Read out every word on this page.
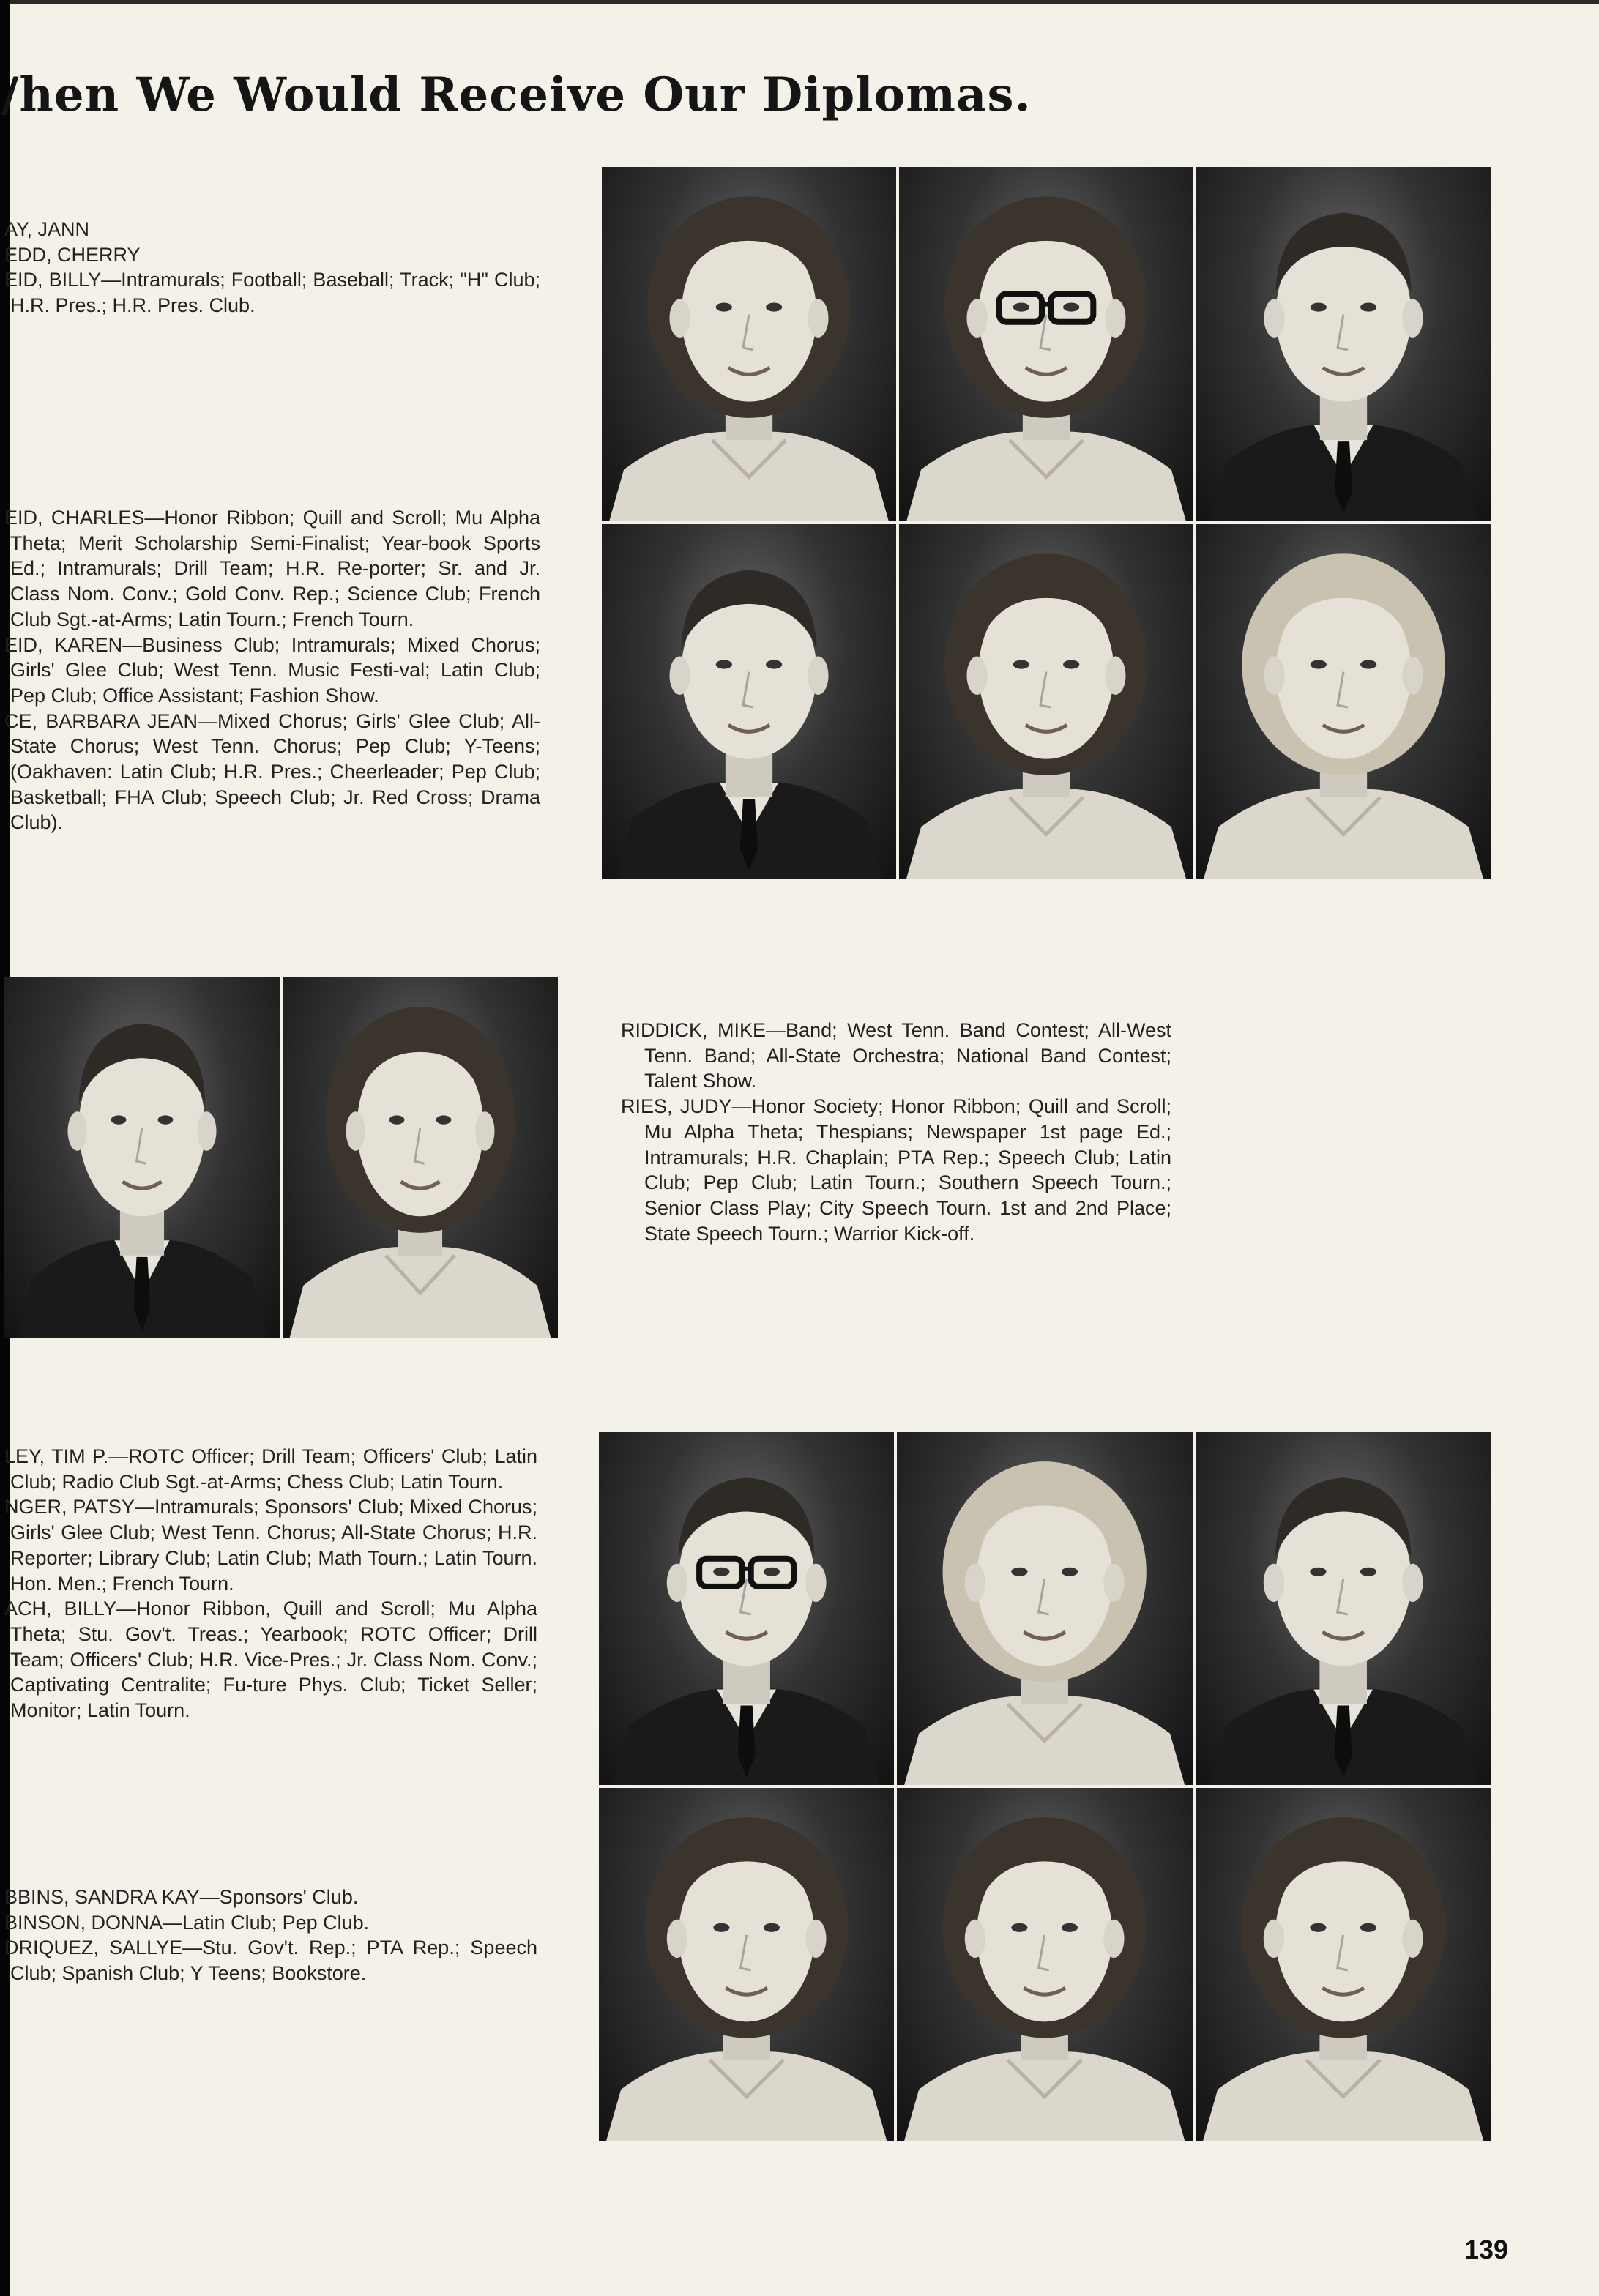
/hen We Would Receive Our Diplomas.

AY, JANN

EDD, CHERRY

EID, BILLY—Intramurals; Football; Baseball; Track; "H" Club; H.R. Pres.; H.R. Pres. Club.

EID, CHARLES—Honor Ribbon; Quill and Scroll; Mu Alpha Theta; Merit Scholarship Semi-Finalist; Year-book Sports Ed.; Intramurals; Drill Team; H.R. Re-porter; Sr. and Jr. Class Nom. Conv.; Gold Conv. Rep.; Science Club; French Club Sgt.-at-Arms; Latin Tourn.; French Tourn.

EID, KAREN—Business Club; Intramurals; Mixed Chorus; Girls' Glee Club; West Tenn. Music Festi-val; Latin Club; Pep Club; Office Assistant; Fashion Show.

CE, BARBARA JEAN—Mixed Chorus; Girls' Glee Club; All-State Chorus; West Tenn. Chorus; Pep Club; Y-Teens; (Oakhaven: Latin Club; H.R. Pres.; Cheerleader; Pep Club; Basketball; FHA Club; Speech Club; Jr. Red Cross; Drama Club).

RIDDICK, MIKE—Band; West Tenn. Band Contest; All-West Tenn. Band; All-State Orchestra; National Band Contest; Talent Show.

RIES, JUDY—Honor Society; Honor Ribbon; Quill and Scroll; Mu Alpha Theta; Thespians; Newspaper 1st page Ed.; Intramurals; H.R. Chaplain; PTA Rep.; Speech Club; Latin Club; Pep Club; Latin Tourn.; Southern Speech Tourn.; Senior Class Play; City Speech Tourn. 1st and 2nd Place; State Speech Tourn.; Warrior Kick-off.

LEY, TIM P.—ROTC Officer; Drill Team; Officers' Club; Latin Club; Radio Club Sgt.-at-Arms; Chess Club; Latin Tourn.

NGER, PATSY—Intramurals; Sponsors' Club; Mixed Chorus; Girls' Glee Club; West Tenn. Chorus; All-State Chorus; H.R. Reporter; Library Club; Latin Club; Math Tourn.; Latin Tourn. Hon. Men.; French Tourn.

ACH, BILLY—Honor Ribbon, Quill and Scroll; Mu Alpha Theta; Stu. Gov't. Treas.; Yearbook; ROTC Officer; Drill Team; Officers' Club; H.R. Vice-Pres.; Jr. Class Nom. Conv.; Captivating Centralite; Fu-ture Phys. Club; Ticket Seller; Monitor; Latin Tourn.

BBINS, SANDRA KAY—Sponsors' Club.

BINSON, DONNA—Latin Club; Pep Club.

DRIQUEZ, SALLYE—Stu. Gov't. Rep.; PTA Rep.; Speech Club; Spanish Club; Y Teens; Bookstore.

139
